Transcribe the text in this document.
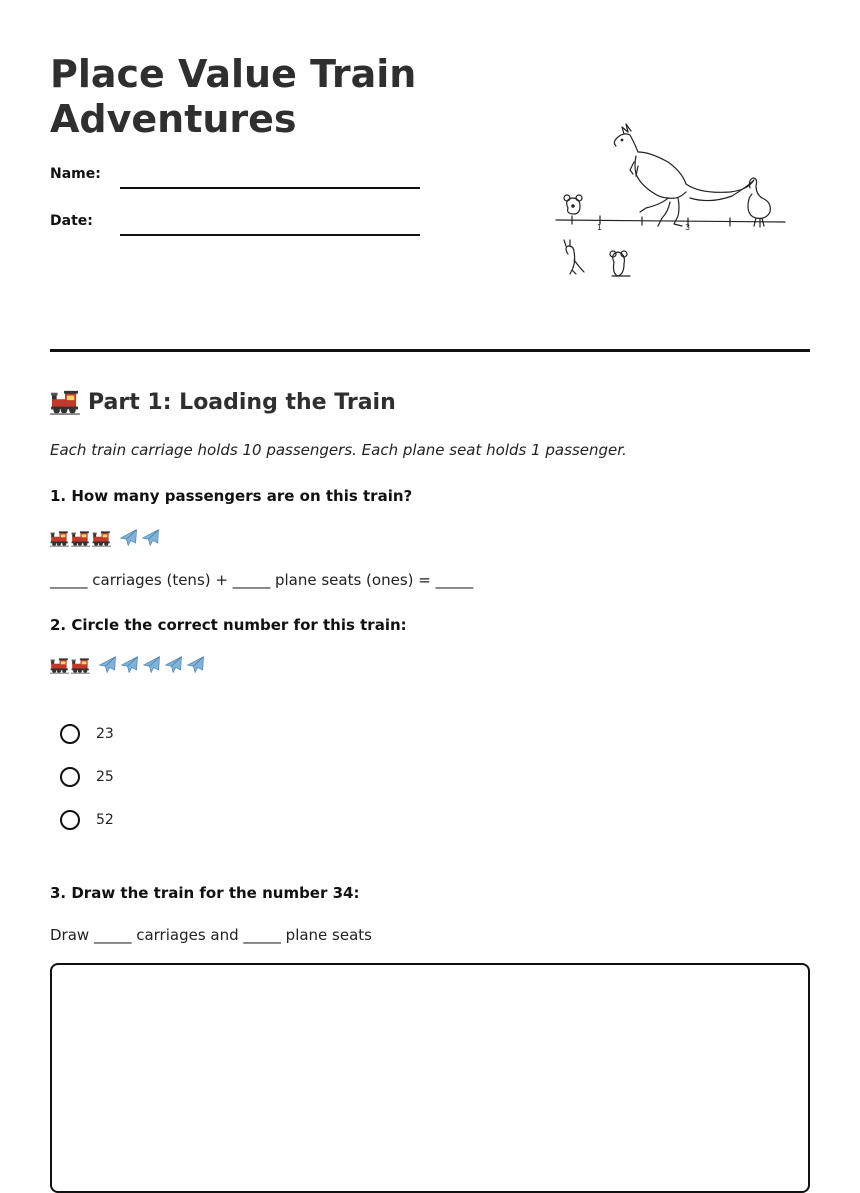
Place Value Train
Adventures
Name:
Date:	1	3
Part 1: Loading the Train
Each train carriage holds 10 passengers. Each plane seat holds 1 passenger.
1. How many passengers are on this train?
_____ carriages (tens) + _____ plane seats (ones) = _____
2. Circle the correct number for this train:
23
25
52
3. Draw the train for the number 34:
Draw _____ carriages and _____ plane seats
